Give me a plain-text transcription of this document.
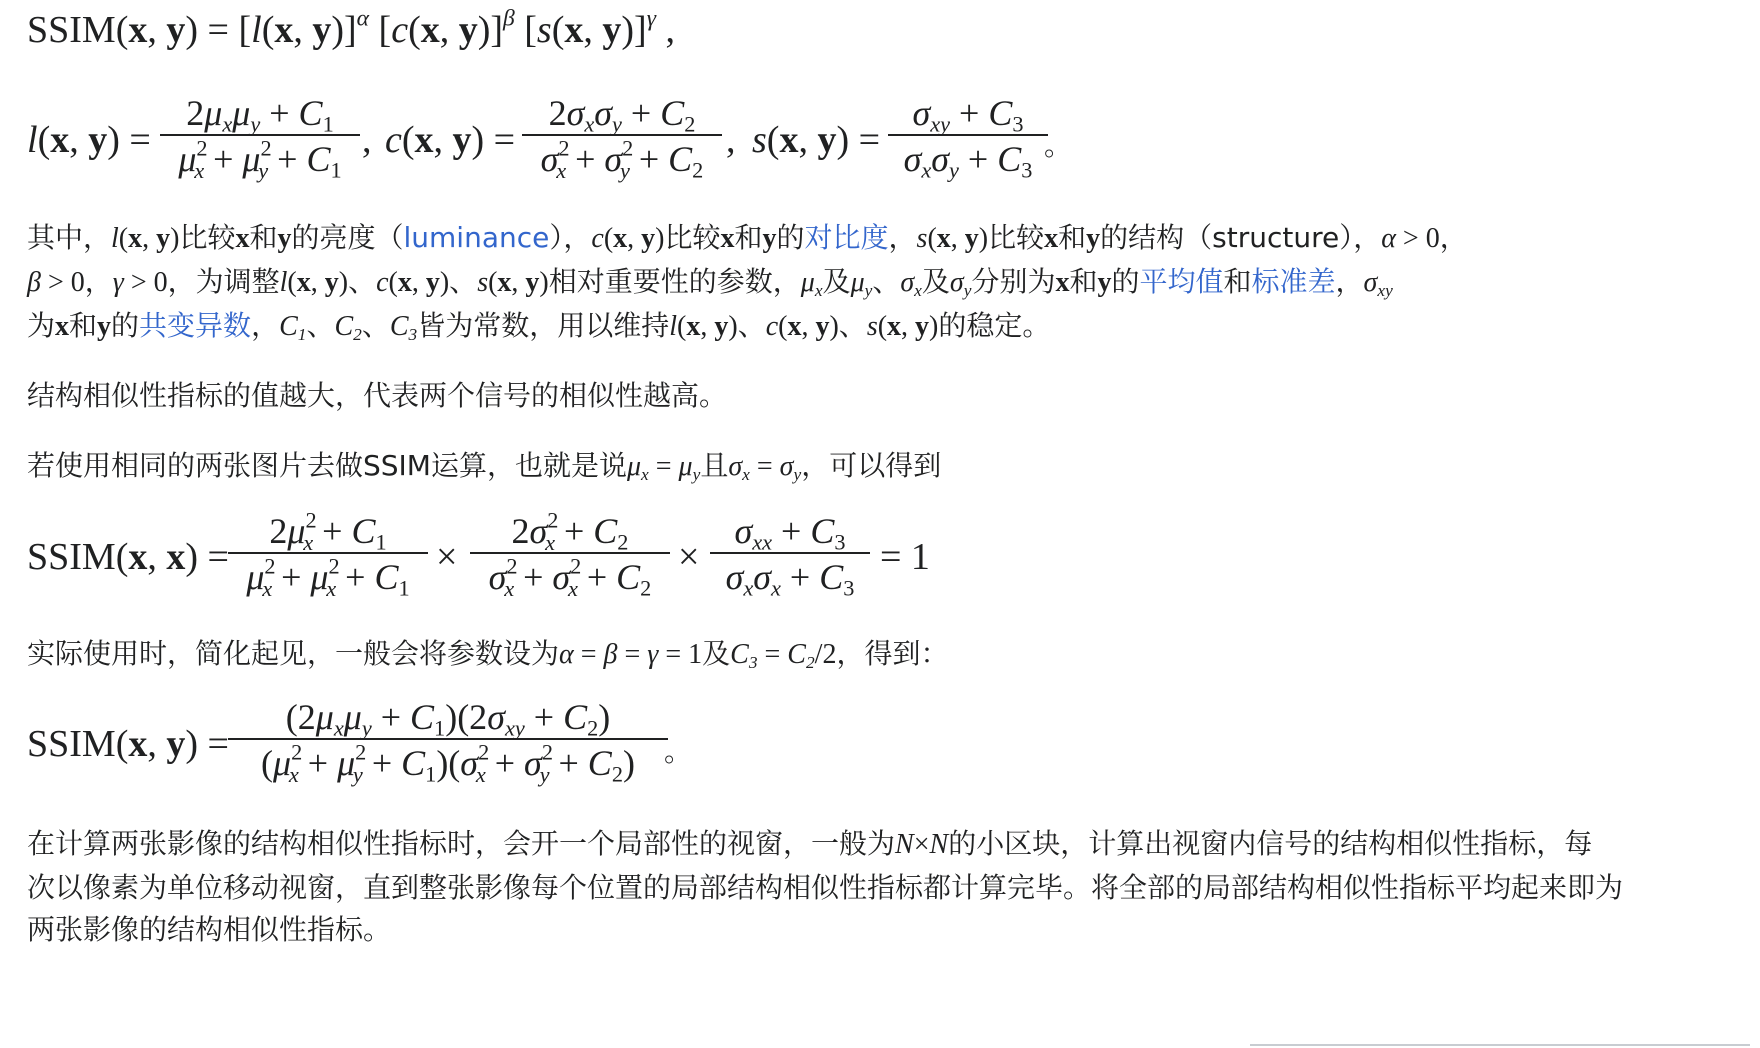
SSIM(x, y) = [l(x, y)]$^\alpha$ [c(x, y)]$^\beta$ [s(x, y)]$^\gamma$ ,
l(x, y) =
$2\mu_x\mu_y + C_1$
$\mu^2_x + \mu^2_y + C_1$
, c(x, y) =
$2\sigma_x\sigma_y + C_2$
$\sigma^2_x + \sigma^2_y + C_2$
, s(x, y) =
$\sigma_{xy} + C_3$
$\sigma_x\sigma_y + C_3$
。
其中，l(x, y)比较x和y的亮度（luminance），c(x, y)比较x和y的对比度，s(x, y)比较x和y的结构（structure），α > 0，
β > 0，γ > 0，为调整l(x, y)、c(x, y)、s(x, y)相对重要性的参数，$\mu_x$及$\mu_y$、$\sigma_x$及$\sigma_y$分别为x和y的平均值和标准差，$\sigma_{xy}$
为x和y的共变异数，$C_1$、$C_2$、$C_3$皆为常数，用以维持l(x, y)、c(x, y)、s(x, y)的稳定。
结构相似性指标的值越大，代表两个信号的相似性越高。
若使用相同的两张图片去做SSIM运算，也就是说$\mu_x = \mu_y$且$\sigma_x = \sigma_y$，可以得到
SSIM(x, $x) = \frac{2\mu^2_x + C_1}{\mu^2_x + \mu^2_x + C_1} \times \frac{2\sigma^2_x + C_2}{\sigma^2_x + \sigma^2_x + C_2}$ ×
$\sigma_{xx} + C_3$
$\sigma_x\sigma_x + C_3$
= 1
实际使用时，简化起见，一般会将参数设为α = β = γ = 1及$C_3 = C_2/2$，得到：
SSIM(x, y) =
$(2\mu_x\mu_y + C_1)(2\sigma_{xy} + C_2)$
$(\mu^2_x + \mu^2_y + C_1)(\sigma^2_x + \sigma^2_y + C_2)$	。
在计算两张影像的结构相似性指标时，会开一个局部性的视窗，一般为N×N的小区块，计算出视窗内信号的结构相似性指标，每
次以像素为单位移动视窗，直到整张影像每个位置的局部结构相似性指标都计算完毕。将全部的局部结构相似性指标平均起来即为
两张影像的结构相似性指标。
